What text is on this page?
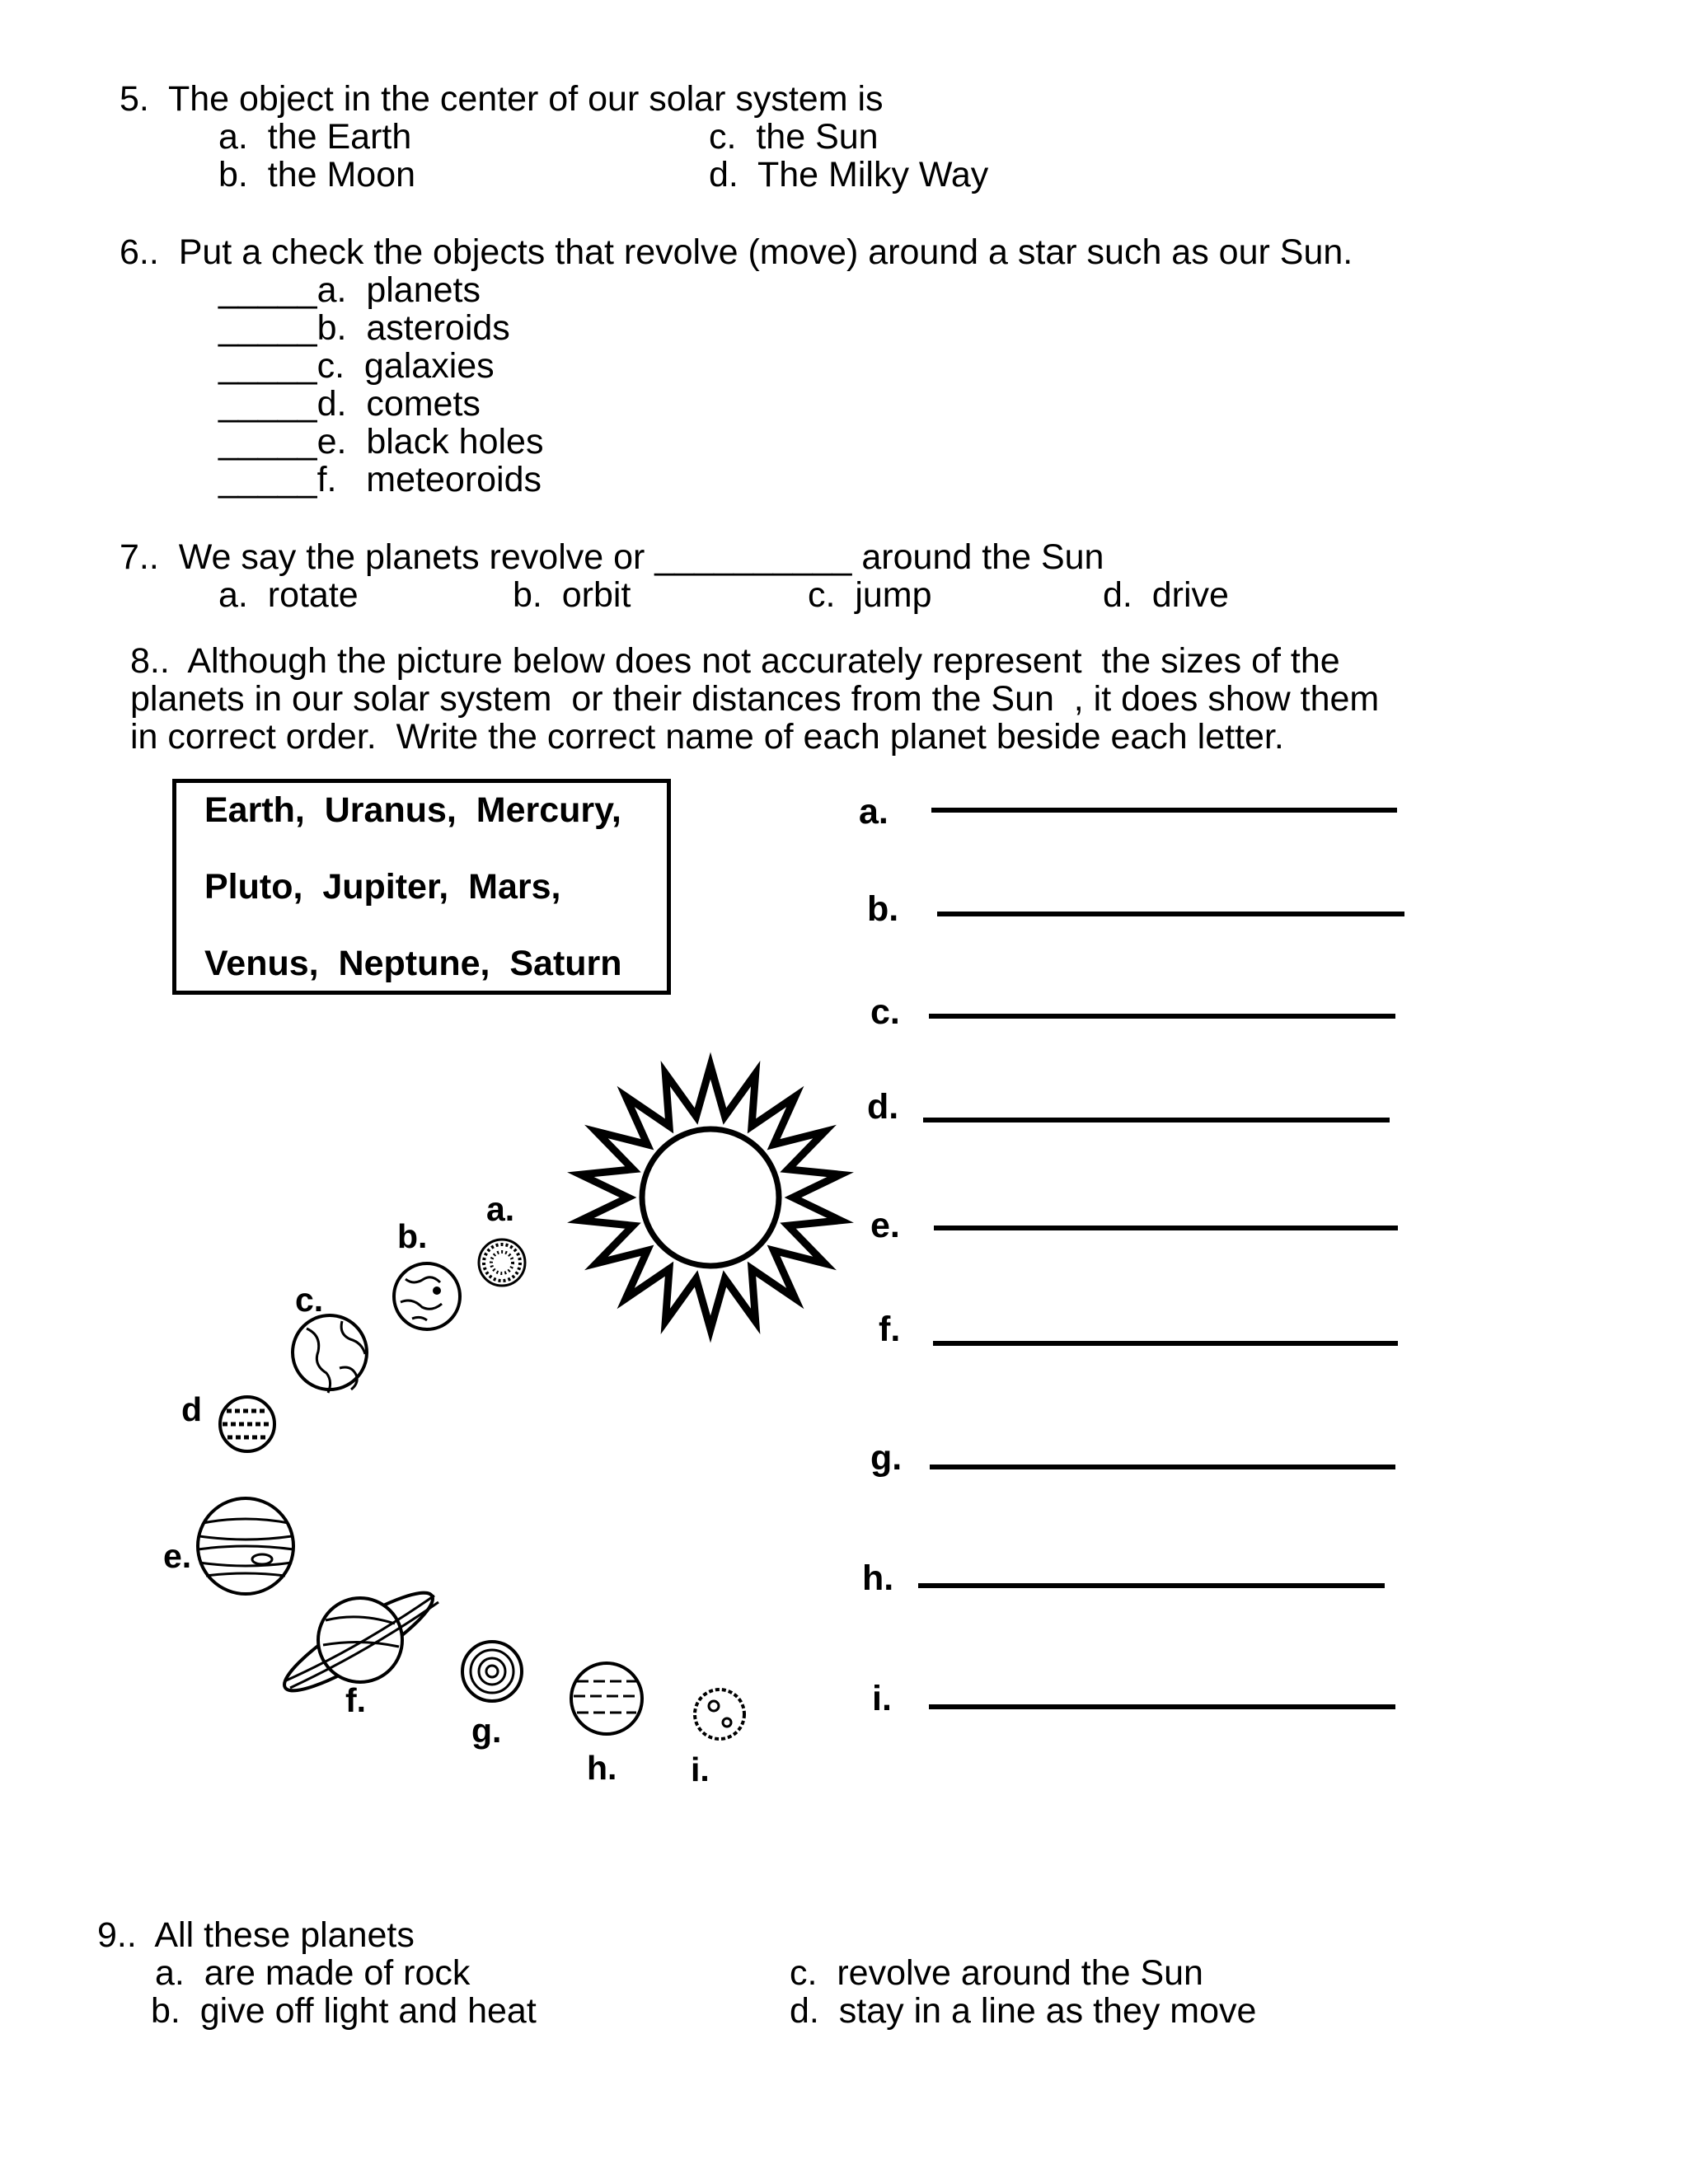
5.  The object in the center of our solar system is
a.  the Earth
b.  the Moon
c.  the Sun
d.  The Milky Way
6..  Put a check the objects that revolve (move) around a star such as our Sun.
_____a.  planets
_____b.  asteroids
_____c.  galaxies
_____d.  comets
_____e.  black holes
_____f.   meteoroids
7..  We say the planets revolve or __________ around the Sun
a.  rotate	b.  orbit	c.  jump	d.  drive
8..  Although the picture below does not accurately represent  the sizes of the
planets in our solar system  or their distances from the Sun  , it does show them
in correct order.  Write the correct name of each planet beside each letter.
Earth,  Uranus,  Mercury,
Pluto,  Jupiter,  Mars,
Venus,  Neptune,  Saturn
a.
b.
c.
d.
e.
f.
g.
h.
i.
a.
b.
c.
d
e.
f.
g.
h. i.
9..  All these planets
a.  are made of rock
b.  give off light and heat
c.  revolve around the Sun
d.  stay in a line as they move
